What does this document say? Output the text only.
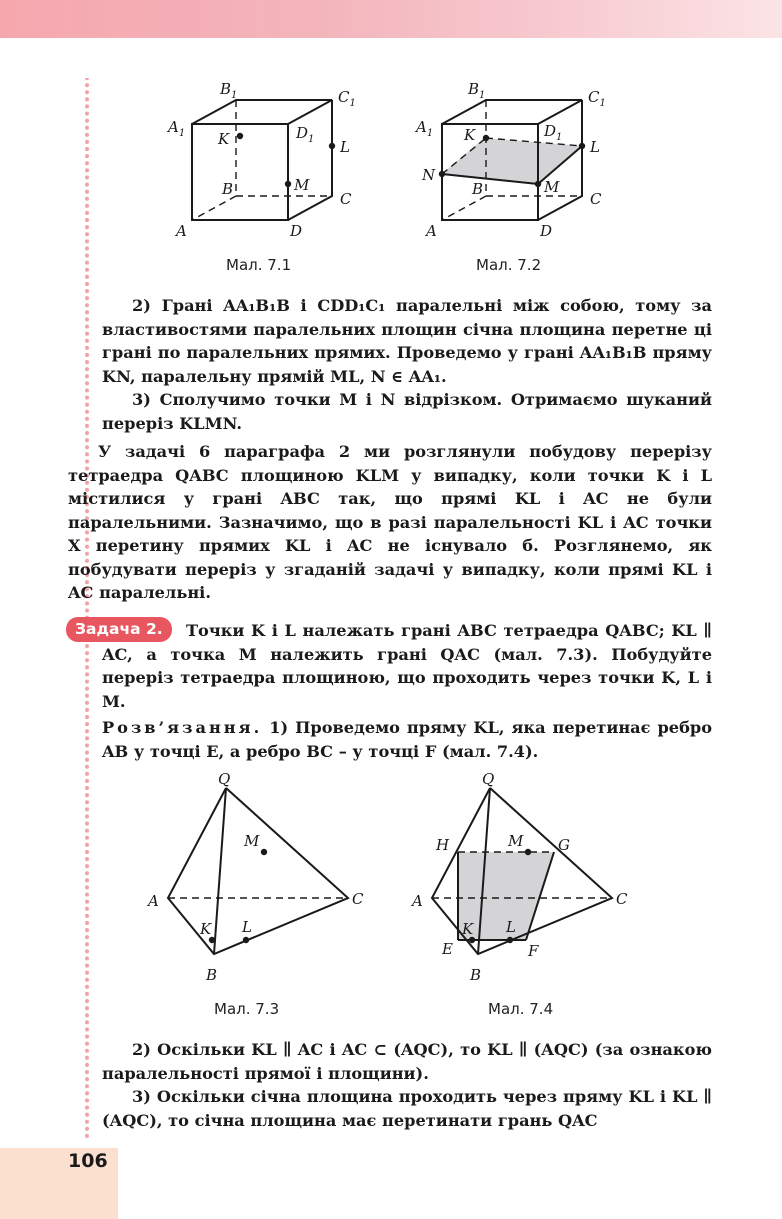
$B_1$	$C_1$
$A_1$	$D_1$
K	L
B	M
C
A	D
Мал. 7.1
$B_1$	$C_1$
$A_1$	$D_1$
K
L
N
B	M
C
A	D
Мал. 7.2

2) Грані AA₁B₁B і CDD₁C₁ паралельні між собою, тому за властивостями паралельних площин січна площина перетне ці грані по паралельних прямих. Проведемо у грані AA₁B₁B пряму KN, паралельну прямій ML, N ∈ AA₁.

3) Сполучимо точки M і N відрізком. Отримаємо шуканий переріз KLMN.

У задачі 6 параграфа 2 ми розглянули побудову перерізу тетраедра QABC площиною KLM у випадку, коли точки K і L містилися у грані ABC так, що прямі KL і AC не були паралельними. Зазначимо, що в разі паралельності KL і AC точки X перетину прямих KL і AC не існувало б. Розглянемо, як побудувати переріз у згаданій задачі у випадку, коли прямі KL і AC паралельні.

Задача 2.	Точки K і L належать грані ABC тетраедра QABC; KL ∥ AC, а точка M належить грані QAC (мал. 7.3). Побудуйте переріз тетраедра площиною, що проходить через точки K, L і M.

Розв’язання. 1) Проведемо пряму KL, яка перетинає ребро AB у точці E, а ребро BC – у точці F (мал. 7.4).

Q
M
A	C
K L
B
Мал. 7.3
Q
H	M G
A	C
K L
E	F
B
Мал. 7.4

2) Оскільки KL ∥ AC і AC ⊂ (AQC), то KL ∥ (AQC) (за ознакою паралельності прямої і площини).

3) Оскільки січна площина проходить через пряму KL і KL ∥ (AQC), то січна площина має перетинати грань QAC

106
